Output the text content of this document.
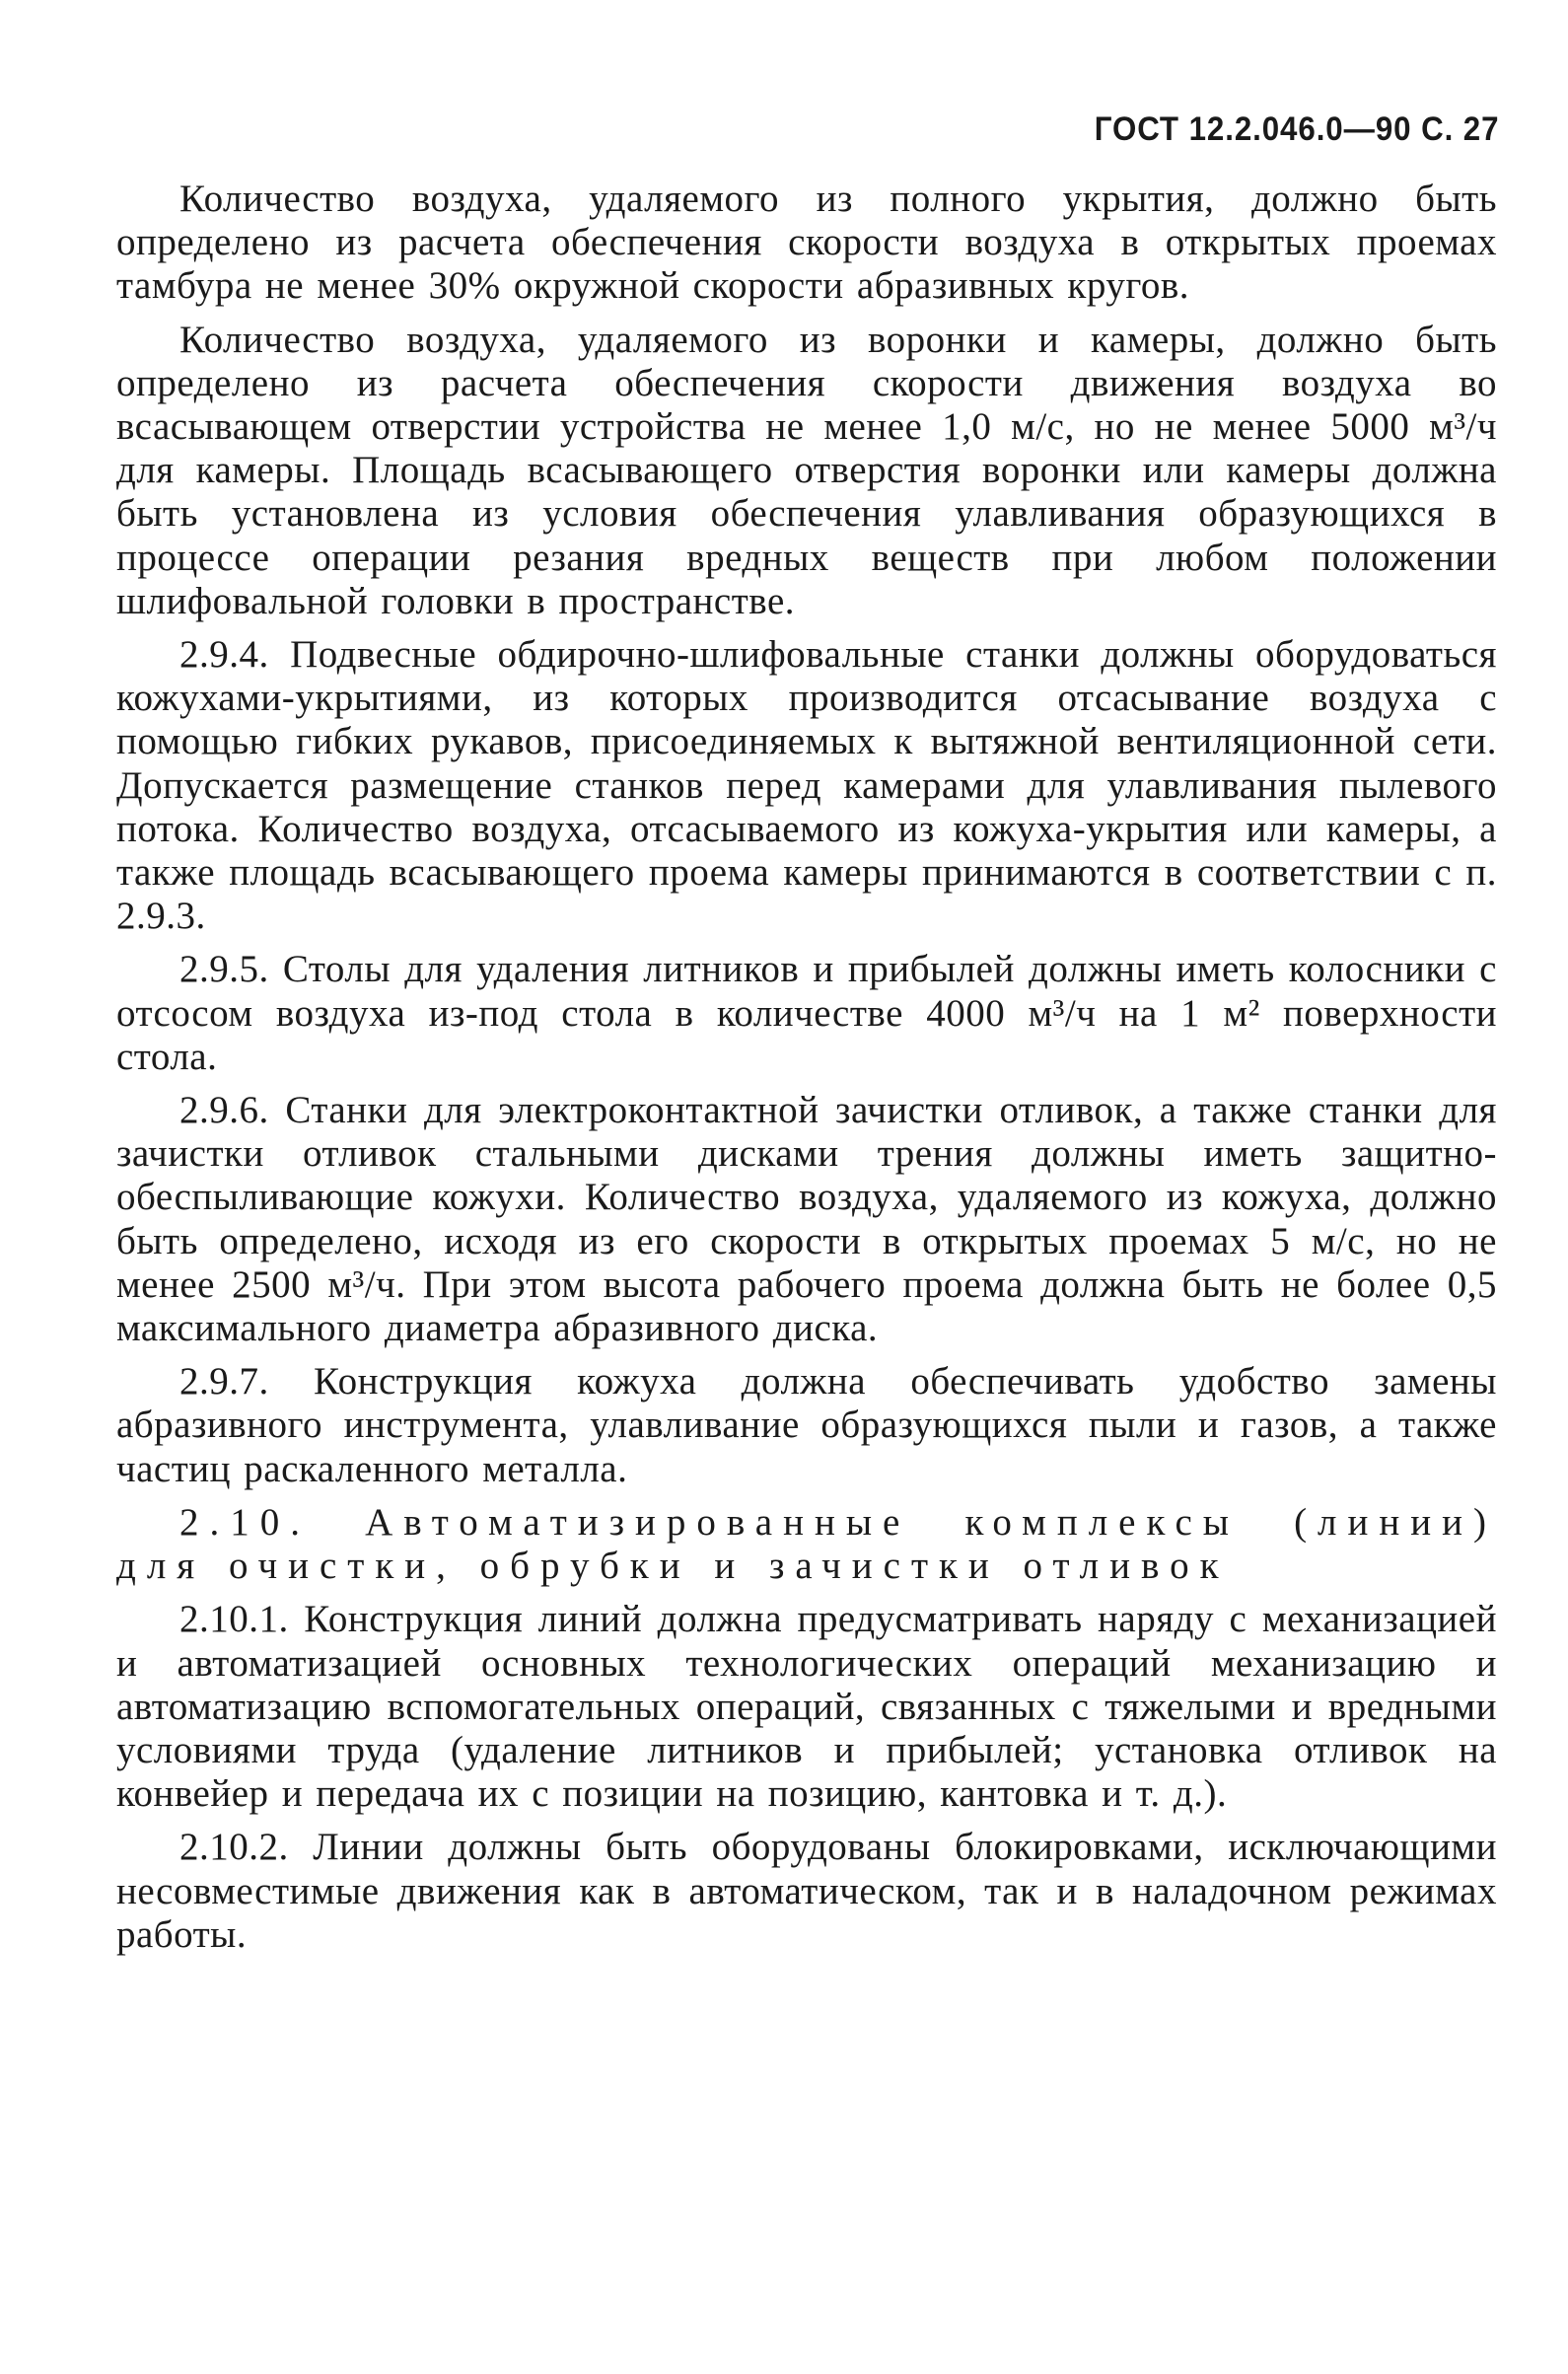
ГОСТ 12.2.046.0—90 С. 27

Количество воздуха, удаляемого из полного укрытия, должно быть определено из расчета обеспечения скорости воздуха в открытых проемах тамбура не менее 30% окружной скорости абразивных кругов.

Количество воздуха, удаляемого из воронки и камеры, должно быть определено из расчета обеспечения скорости движения воздуха во всасывающем отверстии устройства не менее 1,0 м/с, но не менее 5000 м³/ч для камеры. Площадь всасывающего отверстия воронки или камеры должна быть установлена из условия обеспечения улавливания образующихся в процессе операции резания вредных веществ при любом положении шлифовальной головки в пространстве.

2.9.4. Подвесные обдирочно-шлифовальные станки должны оборудоваться кожухами-укрытиями, из которых производится отсасывание воздуха с помощью гибких рукавов, присоединяемых к вытяжной вентиляционной сети. Допускается размещение станков перед камерами для улавливания пылевого потока. Количество воздуха, отсасываемого из кожуха-укрытия или камеры, а также площадь всасывающего проема камеры принимаются в соответствии с п. 2.9.3.

2.9.5. Столы для удаления литников и прибылей должны иметь колосники с отсосом воздуха из-под стола в количестве 4000 м³/ч на 1 м² поверхности стола.

2.9.6. Станки для электроконтактной зачистки отливок, а также станки для зачистки отливок стальными дисками трения должны иметь защитно-обеспыливающие кожухи. Количество воздуха, удаляемого из кожуха, должно быть определено, исходя из его скорости в открытых проемах 5 м/с, но не менее 2500 м³/ч. При этом высота рабочего проема должна быть не более 0,5 максимального диаметра абразивного диска.

2.9.7. Конструкция кожуха должна обеспечивать удобство замены абразивного инструмента, улавливание образующихся пыли и газов, а также частиц раскаленного металла.

2.10. Автоматизированные комплексы (линии) для очистки, обрубки и зачистки отливок

2.10.1. Конструкция линий должна предусматривать наряду с механизацией и автоматизацией основных технологических операций механизацию и автоматизацию вспомогательных операций, связанных с тяжелыми и вредными условиями труда (удаление литников и прибылей; установка отливок на конвейер и передача их с позиции на позицию, кантовка и т. д.).

2.10.2. Линии должны быть оборудованы блокировками, исключающими несовместимые движения как в автоматическом, так и в наладочном режимах работы.
